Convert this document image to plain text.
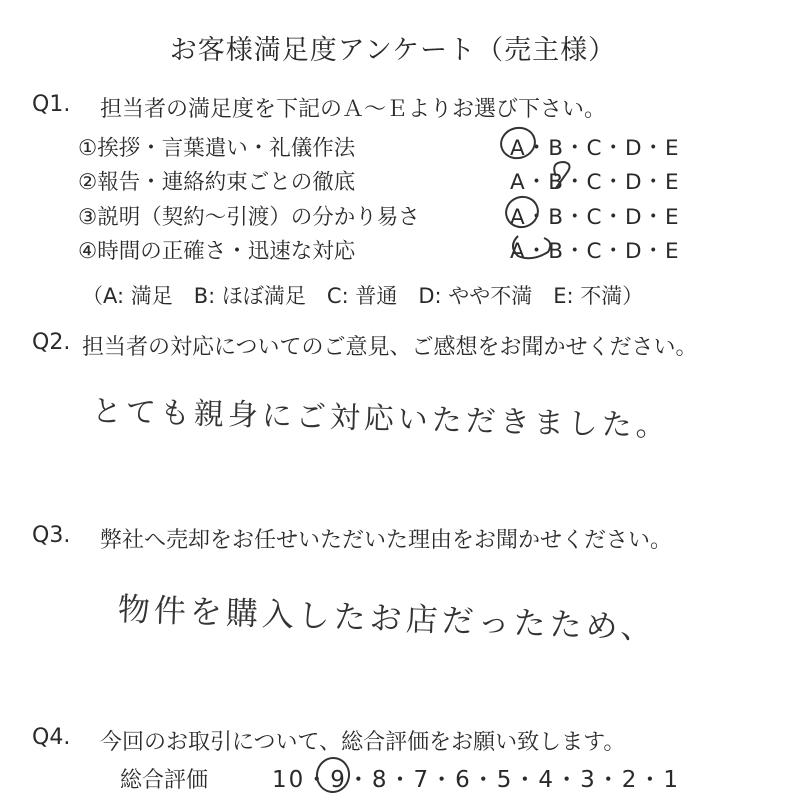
お客様満足度アンケート（売主様）
Q1. 担当者の満足度を下記のＡ～Ｅよりお選び下さい。
①挨拶・言葉遣い・礼儀作法	A・B・C・D・E
②報告・連絡約束ごとの徹底	A・B・C・D・E
③説明（契約～引渡）の分かり易さ	A・B・C・D・E
④時間の正確さ・迅速な対応	A・B・C・D・E
（A: 満足　B: ほぼ満足　C: 普通　D: やや不満　E: 不満）
Q2. 担当者の対応についてのご意見、ご感想をお聞かせください。
とても親身にご対応いただきました。
Q3. 弊社へ売却をお任せいただいた理由をお聞かせください。
物件を購入したお店だったため、
Q4. 今回のお取引について、総合評価をお願い致します。
総合評価	10・9・8・7・6・5・4・3・2・1
